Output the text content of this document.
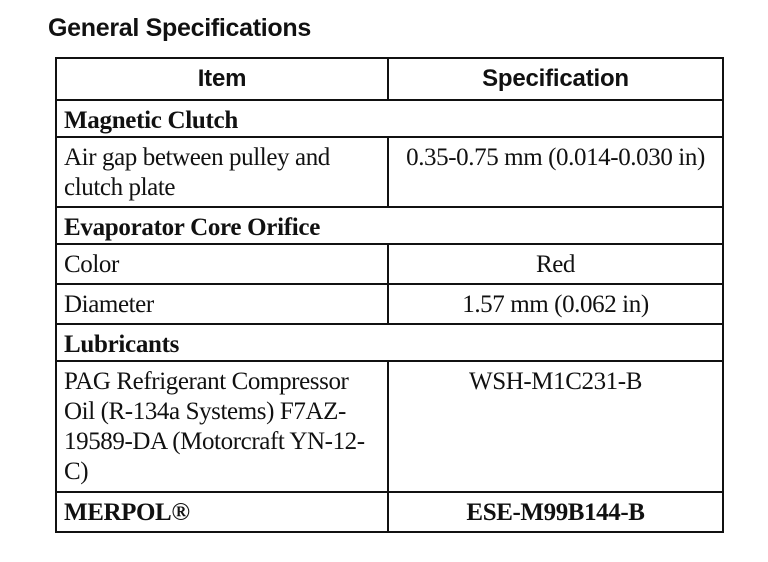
General Specifications
Item	Specification
Magnetic Clutch	
Air gap between pulley and clutch plate	0.35-0.75 mm (0.014-0.030 in)
Evaporator Core Orifice	
Color	Red
Diameter	1.57 mm (0.062 in)
Lubricants	
PAG Refrigerant Compressor Oil (R-134a Systems) F7AZ-19589-DA (Motorcraft YN-12-C)	WSH-M1C231-B
MERPOL®	ESE-M99B144-B
